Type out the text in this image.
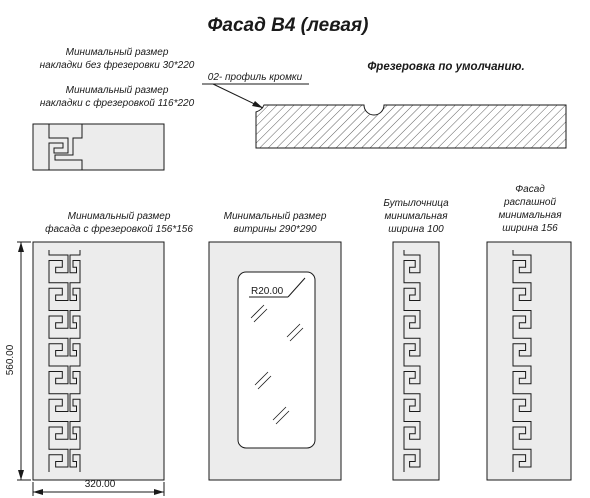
Фасад В4 (левая)
Минимальный размер
накладки без фрезеровки 30*220
Минимальный размер
накладки с фрезеровкой 116*220
Фрезеровка по умолчанию.
02- профиль кромки
Минимальный размер
фасада с фрезеровкой 156*156
Минимальный размер
витрины 290*290
Бутылочница
минимальная
ширина 100
Фасад
распашной
минимальная
ширина 156
560.00
320.00
R20.00
